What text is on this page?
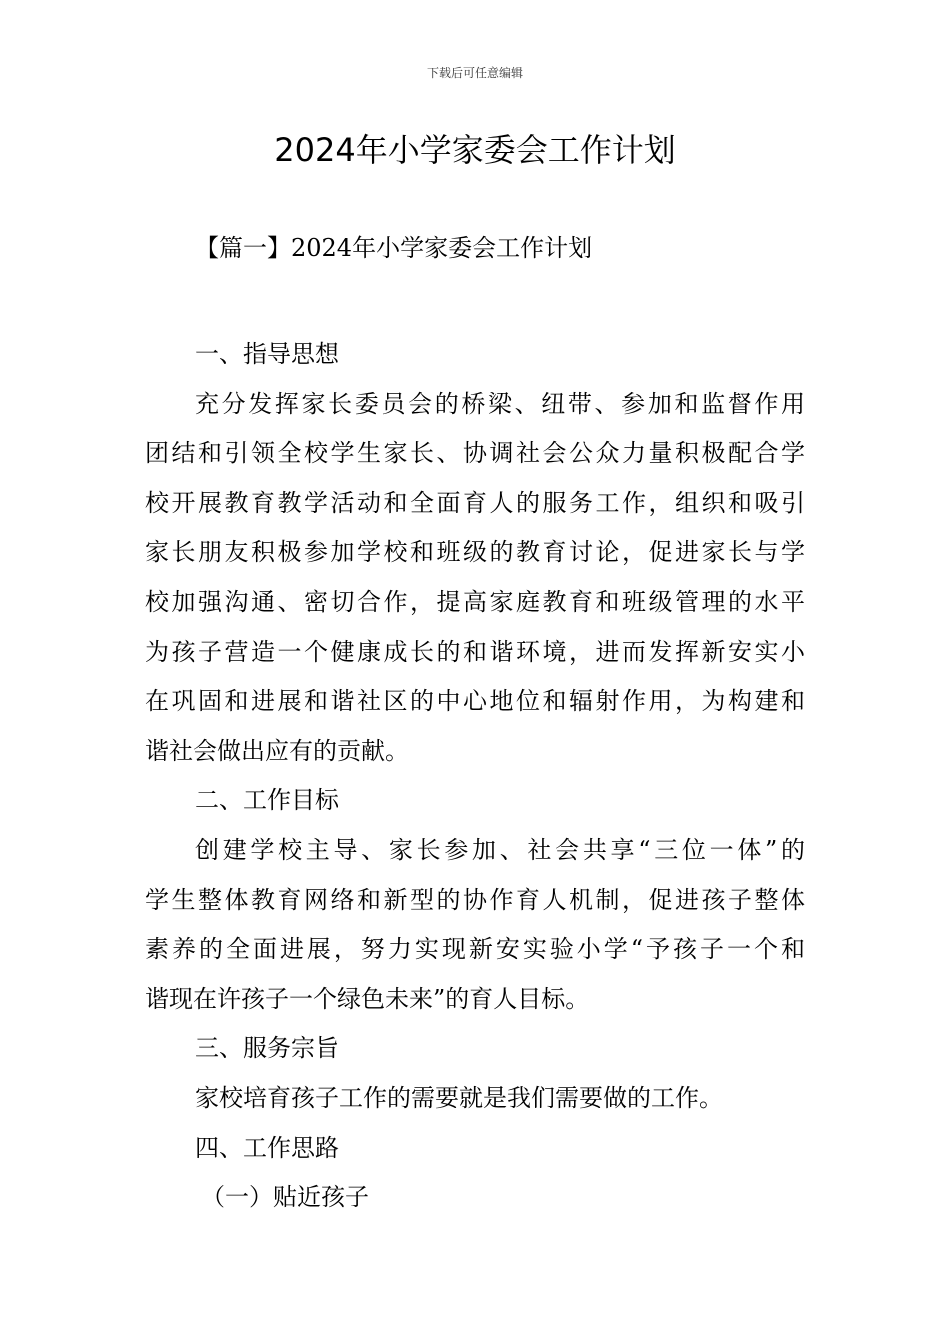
下载后可任意编辑
2024年小学家委会工作计划
【篇一】2024年小学家委会工作计划
一、指导思想
充分发挥家长委员会的桥梁、纽带、参加和监督作用
团结和引领全校学生家长、协调社会公众力量积极配合学
校开展教育教学活动和全面育人的服务工作，组织和吸引
家长朋友积极参加学校和班级的教育讨论，促进家长与学
校加强沟通、密切合作，提高家庭教育和班级管理的水平
为孩子营造一个健康成长的和谐环境，进而发挥新安实小
在巩固和进展和谐社区的中心地位和辐射作用，为构建和
谐社会做出应有的贡献。
二、工作目标
创建学校主导、家长参加、社会共享“三位一体”的
学生整体教育网络和新型的协作育人机制，促进孩子整体
素养的全面进展，努力实现新安实验小学“予孩子一个和
谐现在许孩子一个绿色未来”的育人目标。
三、服务宗旨
家校培育孩子工作的需要就是我们需要做的工作。
四、工作思路
（一）贴近孩子
